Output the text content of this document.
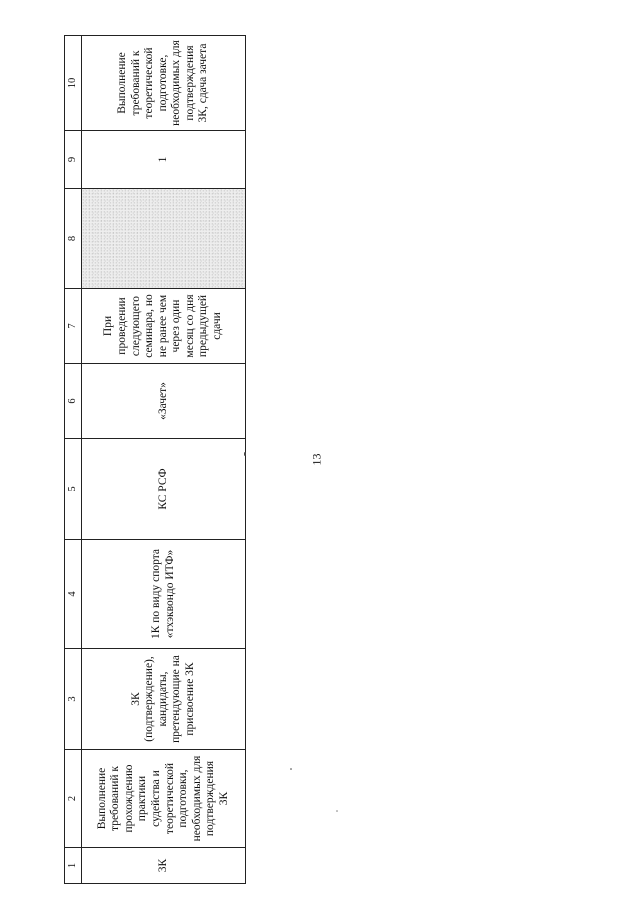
13
1	2	3	4	5	6	7	8	9	10
3К	Выполнение требований к прохождению практики судейства и теоретической подготовки, необходимых для подтверждения 3К	3К (подтверждение), кандидаты, претендующие на присвоение 3К	1К по виду спорта «тхэквондо ИТФ»	КС РСФ	«Зачет»	При проведении следующего семинара, но не ранее чем через один месяц со дня предыдущей сдачи		1	Выполнение требований к теоретической подготовке, необходимых для подтверждения 3К, сдача зачета
